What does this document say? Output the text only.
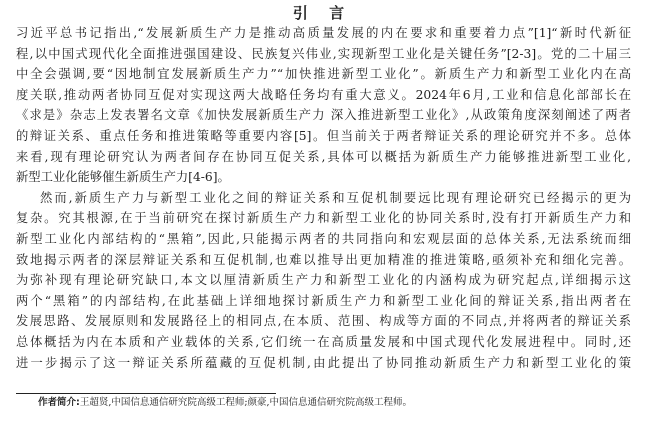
引 言
习近平总书记指出,“发展新质生产力是推动高质量发展的内在要求和重要着力点”[1]“新时代新征
程,以中国式现代化全面推进强国建设、民族复兴伟业,实现新型工业化是关键任务”[2-3]。党的二十届三
中全会强调,要“因地制宜发展新质生产力”“加快推进新型工业化”。新质生产力和新型工业化内在高
度关联,推动两者协同互促对实现这两大战略任务均有重大意义。2024年6月,工业和信息化部部长在
《求是》杂志上发表署名文章《加快发展新质生产力 深入推进新型工业化》,从政策角度深刻阐述了两者
的辩证关系、重点任务和推进策略等重要内容[5]。但当前关于两者辩证关系的理论研究并不多。总体
来看,现有理论研究认为两者间存在协同互促关系,具体可以概括为新质生产力能够推进新型工业化,
新型工业化能够催生新质生产力[4-6]。
然而,新质生产力与新型工业化之间的辩证关系和互促机制要远比现有理论研究已经揭示的更为
复杂。究其根源,在于当前研究在探讨新质生产力和新型工业化的协同关系时,没有打开新质生产力和
新型工业化内部结构的“黑箱”,因此,只能揭示两者的共同指向和宏观层面的总体关系,无法系统而细
致地揭示两者的深层辩证关系和互促机制,也难以推导出更加精准的推进策略,亟须补充和细化完善。
为弥补现有理论研究缺口,本文以厘清新质生产力和新型工业化的内涵构成为研究起点,详细揭示这
两个“黑箱”的内部结构,在此基础上详细地探讨新质生产力和新型工业化间的辩证关系,指出两者在
发展思路、发展原则和发展路径上的相同点,在本质、范围、构成等方面的不同点,并将两者的辩证关系
总体概括为内在本质和产业载体的关系,它们统一在高质量发展和中国式现代化发展进程中。同时,还
进一步揭示了这一辩证关系所蕴藏的互促机制,由此提出了协同推动新质生产力和新型工业化的策
作者简介:王超贤,中国信息通信研究院高级工程师;颜豪,中国信息通信研究院高级工程师。
